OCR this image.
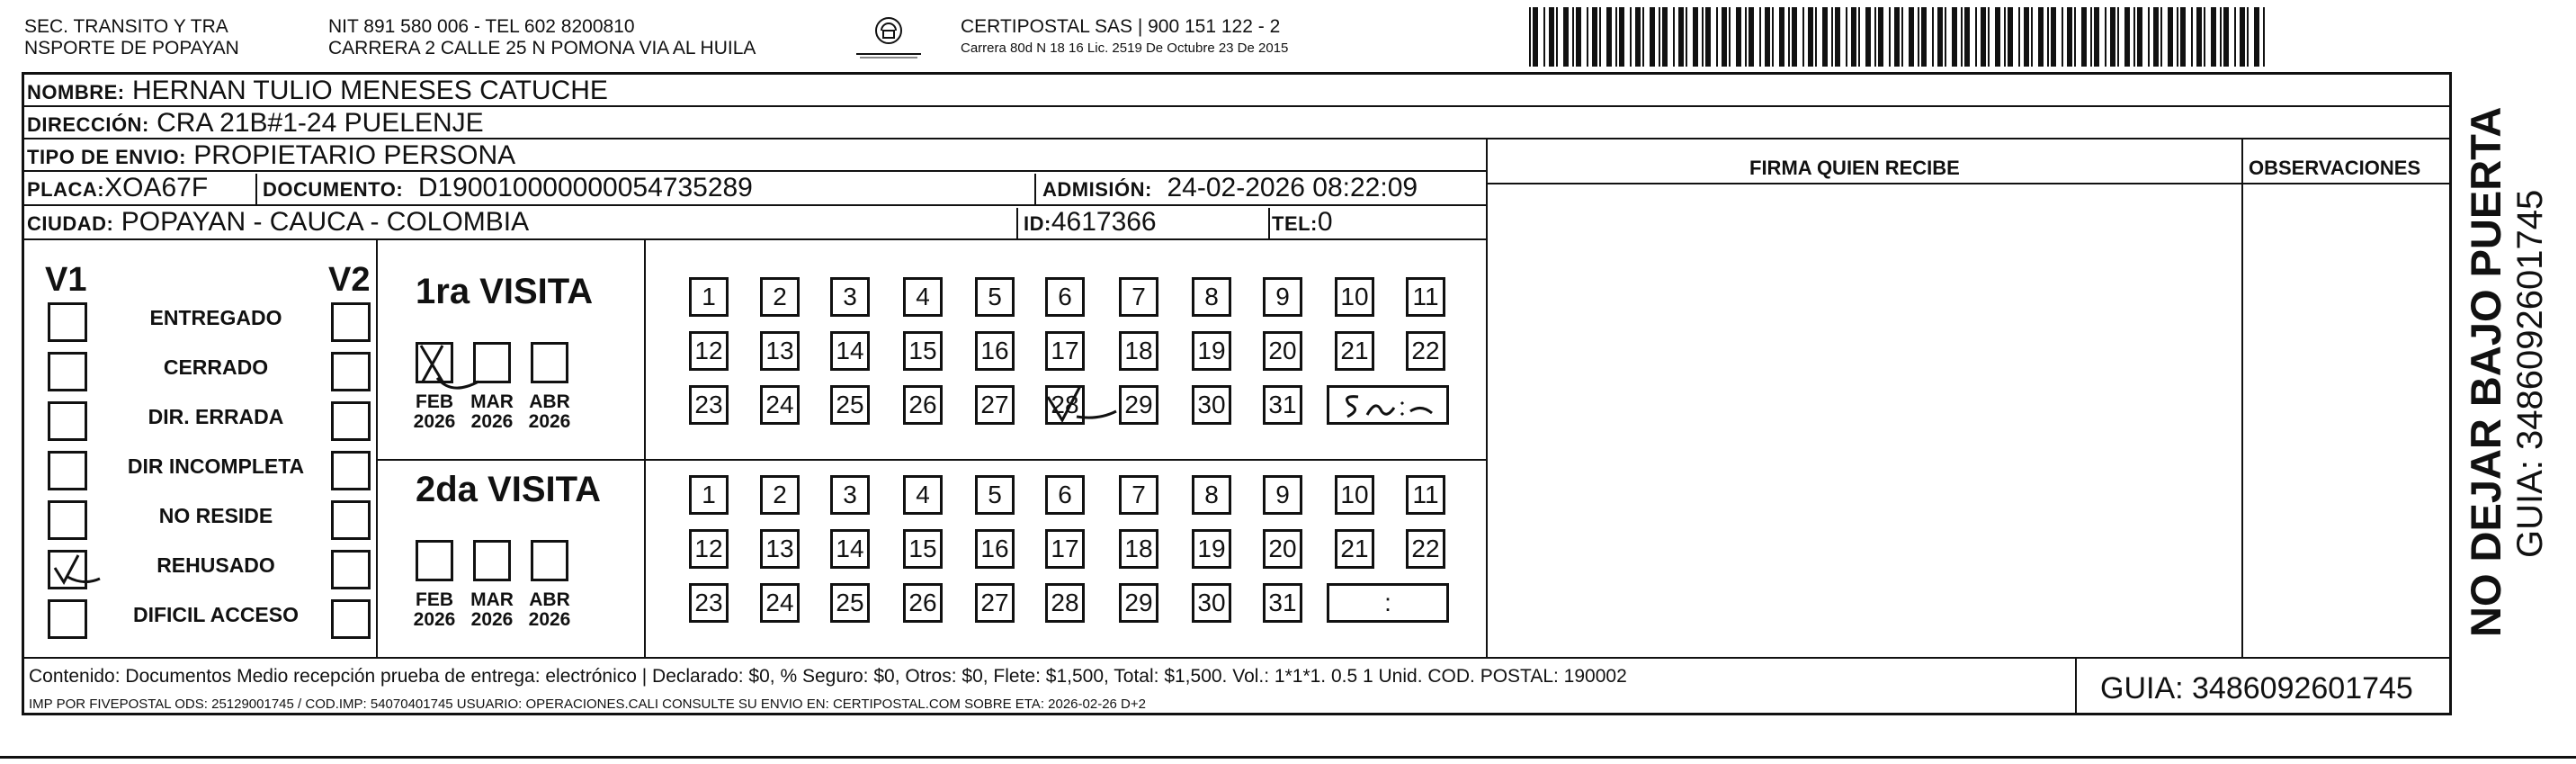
SEC. TRANSITO Y TRA
NSPORTE DE POPAYAN
NIT 891 580 006 - TEL 602 8200810
CARRERA 2 CALLE 25 N POMONA VIA AL HUILA
CERTIPOSTAL SAS | 900 151 122 - 2
Carrera 80d N 18 16 Lic. 2519 De Octubre 23 De 2015
NOMBRE: HERNAN TULIO MENESES CATUCHE
DIRECCIÓN: CRA 21B#1-24 PUELENJE
TIPO DE ENVIO: PROPIETARIO PERSONA
PLACA:XOA67F	DOCUMENTO: D190010000000054735289	ADMISIÓN: 24-02-2026 08:22:09
CIUDAD: POPAYAN - CAUCA - COLOMBIA	ID:4617366	TEL:0
FIRMA QUIEN RECIBE	OBSERVACIONES
V1	V2
ENTREGADO
CERRADO
DIR. ERRADA
DIR INCOMPLETA
NO RESIDE
REHUSADO
DIFICIL ACCESO
1ra VISITA
2da VISITA
FEB
2026
MAR
2026
ABR
2026
1	2	3	4	5	6	7	8	9	10 11
12 13 14 15 16 17 18 19 20 21 22
23 24 25 26 27 28 29 30 31
FEB
2026
MAR
2026
ABR
2026
1	2	3	4	5	6	7	8	9	10 11
12 13 14 15 16 17 18 19 20 21 22
23 24 25 26 27 28 29 30 31	:
Contenido: Documentos Medio recepción prueba de entrega: electrónico | Declarado: $0, % Seguro: $0, Otros: $0, Flete: $1,500, Total: $1,500. Vol.: 1*1*1. 0.5 1 Unid. COD. POSTAL: 190002
IMP POR FIVEPOSTAL ODS: 25129001745 / COD.IMP: 54070401745 USUARIO: OPERACIONES.CALI CONSULTE SU ENVIO EN: CERTIPOSTAL.COM SOBRE ETA: 2026-02-26 D+2	GUIA: 3486092601745
NO DEJAR BAJO PUERTA GUIA: 3486092601745
